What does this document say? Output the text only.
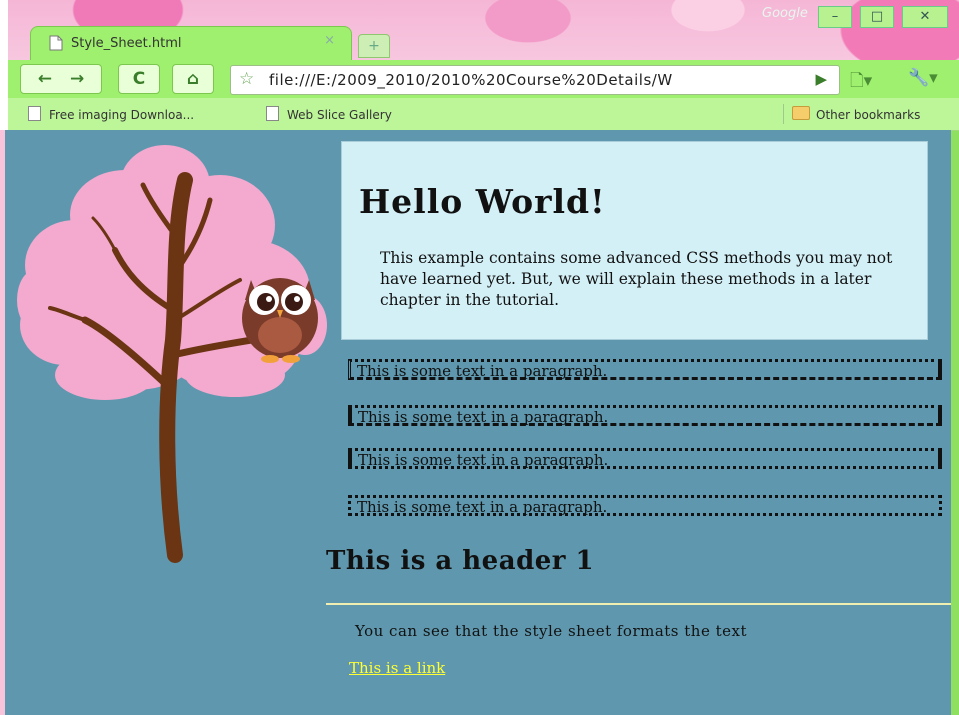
Style_Sheet.html	×	+
Google	–	□	✕
← →	C	⌂	☆ file:///E:/2009_2010/2010%20Course%20Details/W	▶ 🗋▾ 🔧▾
Free imaging Downloa...	Web Slice Gallery	Other bookmarks
Hello World!
This example contains some advanced CSS methods you may not have learned yet. But, we will explain these methods in a later chapter in the tutorial.
This is some text in a paragraph.
This is some text in a paragraph.
This is some text in a paragraph.
This is some text in a paragraph.
This is a header 1
You can see that the style sheet formats the text
This is a link
